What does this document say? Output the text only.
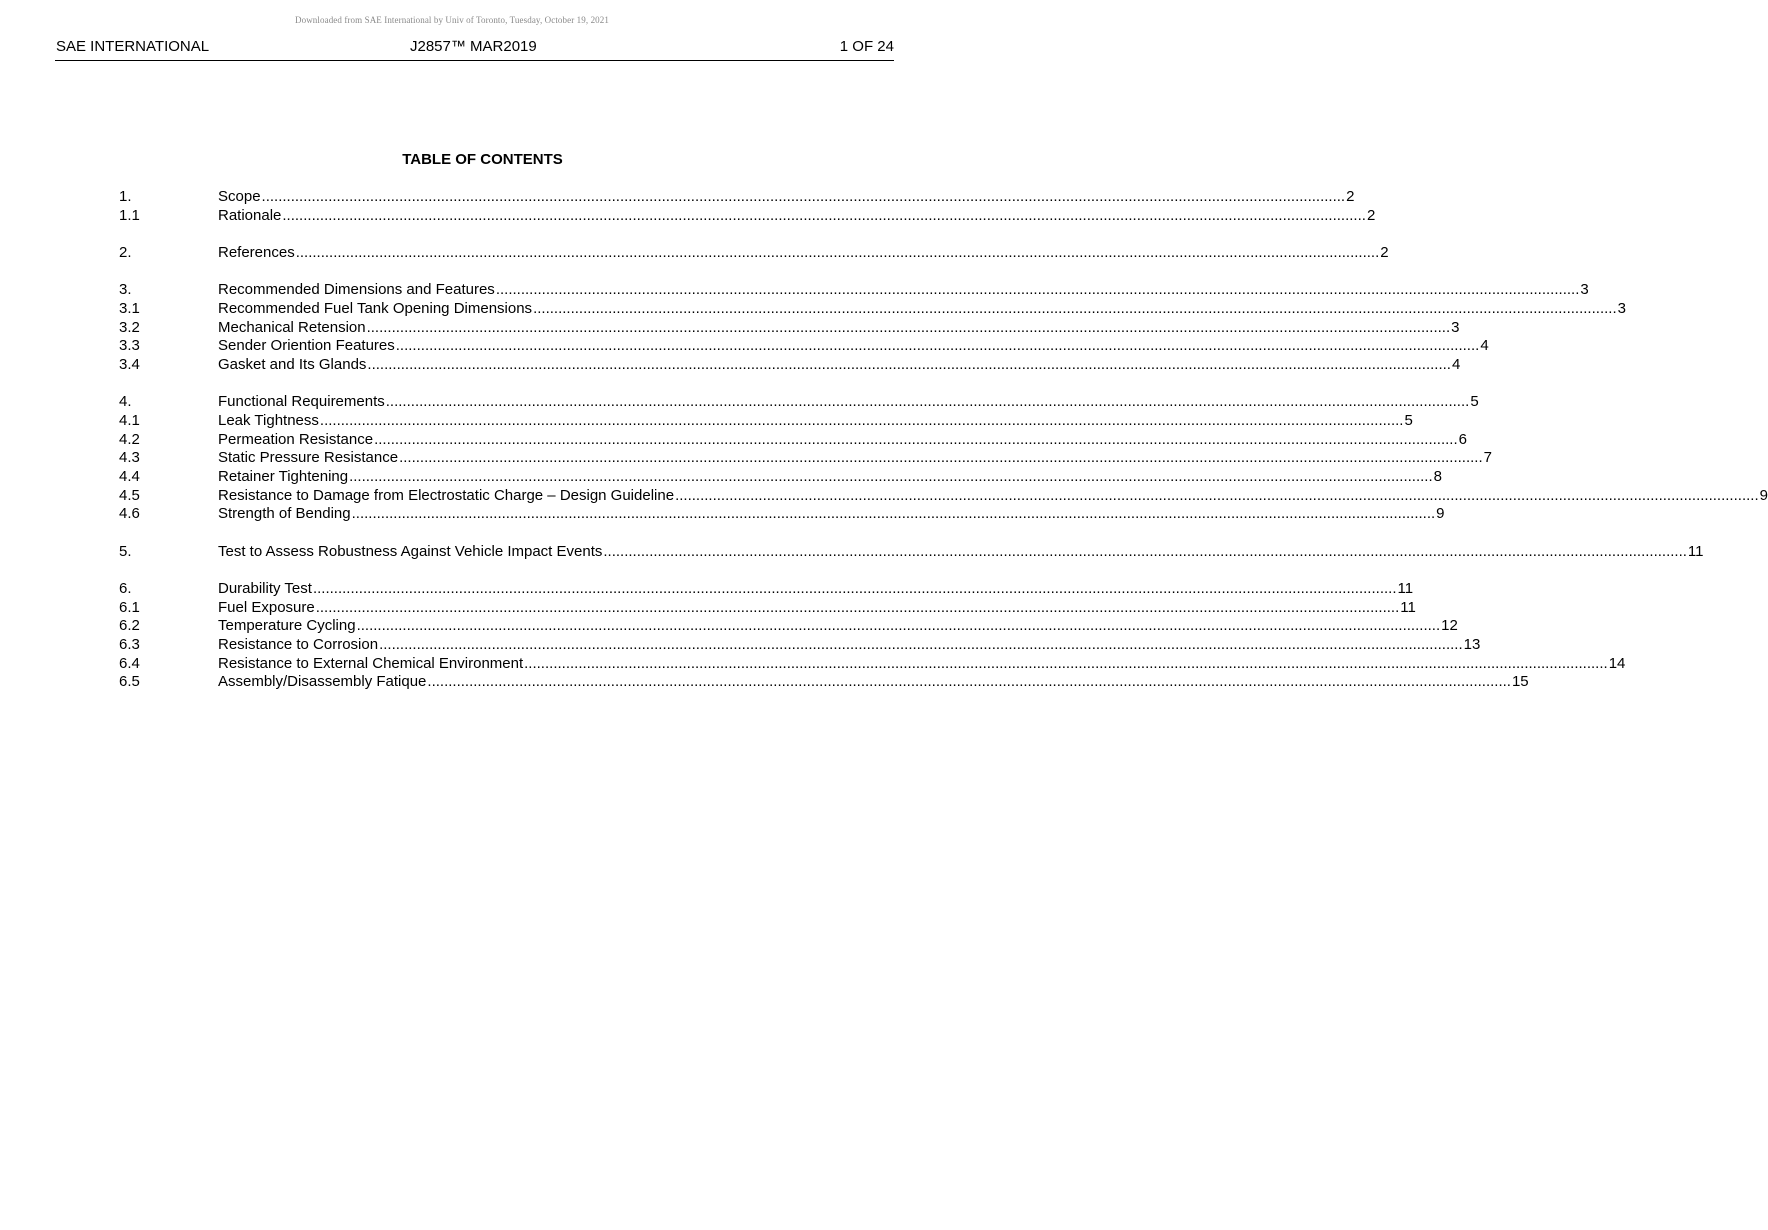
Downloaded from SAE International by Univ of Toronto, Tuesday, October 19, 2021
SAE INTERNATIONAL	J2857™ MAR2019	1 OF 24
TABLE OF CONTENTS
1.	Scope .................................................................................................................................................................................................................................................................... 2
1.1	Rationale .................................................................................................................................................................................................................................................................... 2
2.	References .................................................................................................................................................................................................................................................................... 2
3.	Recommended Dimensions and Features .................................................................................................................................................................................................................................................................... 3
3.1	Recommended Fuel Tank Opening Dimensions .................................................................................................................................................................................................................................................................... 3
3.2	Mechanical Retension .................................................................................................................................................................................................................................................................... 3
3.3	Sender Oriention Features .................................................................................................................................................................................................................................................................... 4
3.4	Gasket and Its Glands .................................................................................................................................................................................................................................................................... 4
4.	Functional Requirements .................................................................................................................................................................................................................................................................... 5
4.1	Leak Tightness .................................................................................................................................................................................................................................................................... 5
4.2	Permeation Resistance .................................................................................................................................................................................................................................................................... 6
4.3	Static Pressure Resistance .................................................................................................................................................................................................................................................................... 7
4.4	Retainer Tightening .................................................................................................................................................................................................................................................................... 8
4.5	Resistance to Damage from Electrostatic Charge – Design Guideline .................................................................................................................................................................................................................................................................... 9
4.6	Strength of Bending .................................................................................................................................................................................................................................................................... 9
5.	Test to Assess Robustness Against Vehicle Impact Events .................................................................................................................................................................................................................................................................... 11
6.	Durability Test .................................................................................................................................................................................................................................................................... 11
6.1	Fuel Exposure .................................................................................................................................................................................................................................................................... 11
6.2	Temperature Cycling .................................................................................................................................................................................................................................................................... 12
6.3	Resistance to Corrosion .................................................................................................................................................................................................................................................................... 13
6.4	Resistance to External Chemical Environment .................................................................................................................................................................................................................................................................... 14
6.5	Assembly/Disassembly Fatique .................................................................................................................................................................................................................................................................... 15
